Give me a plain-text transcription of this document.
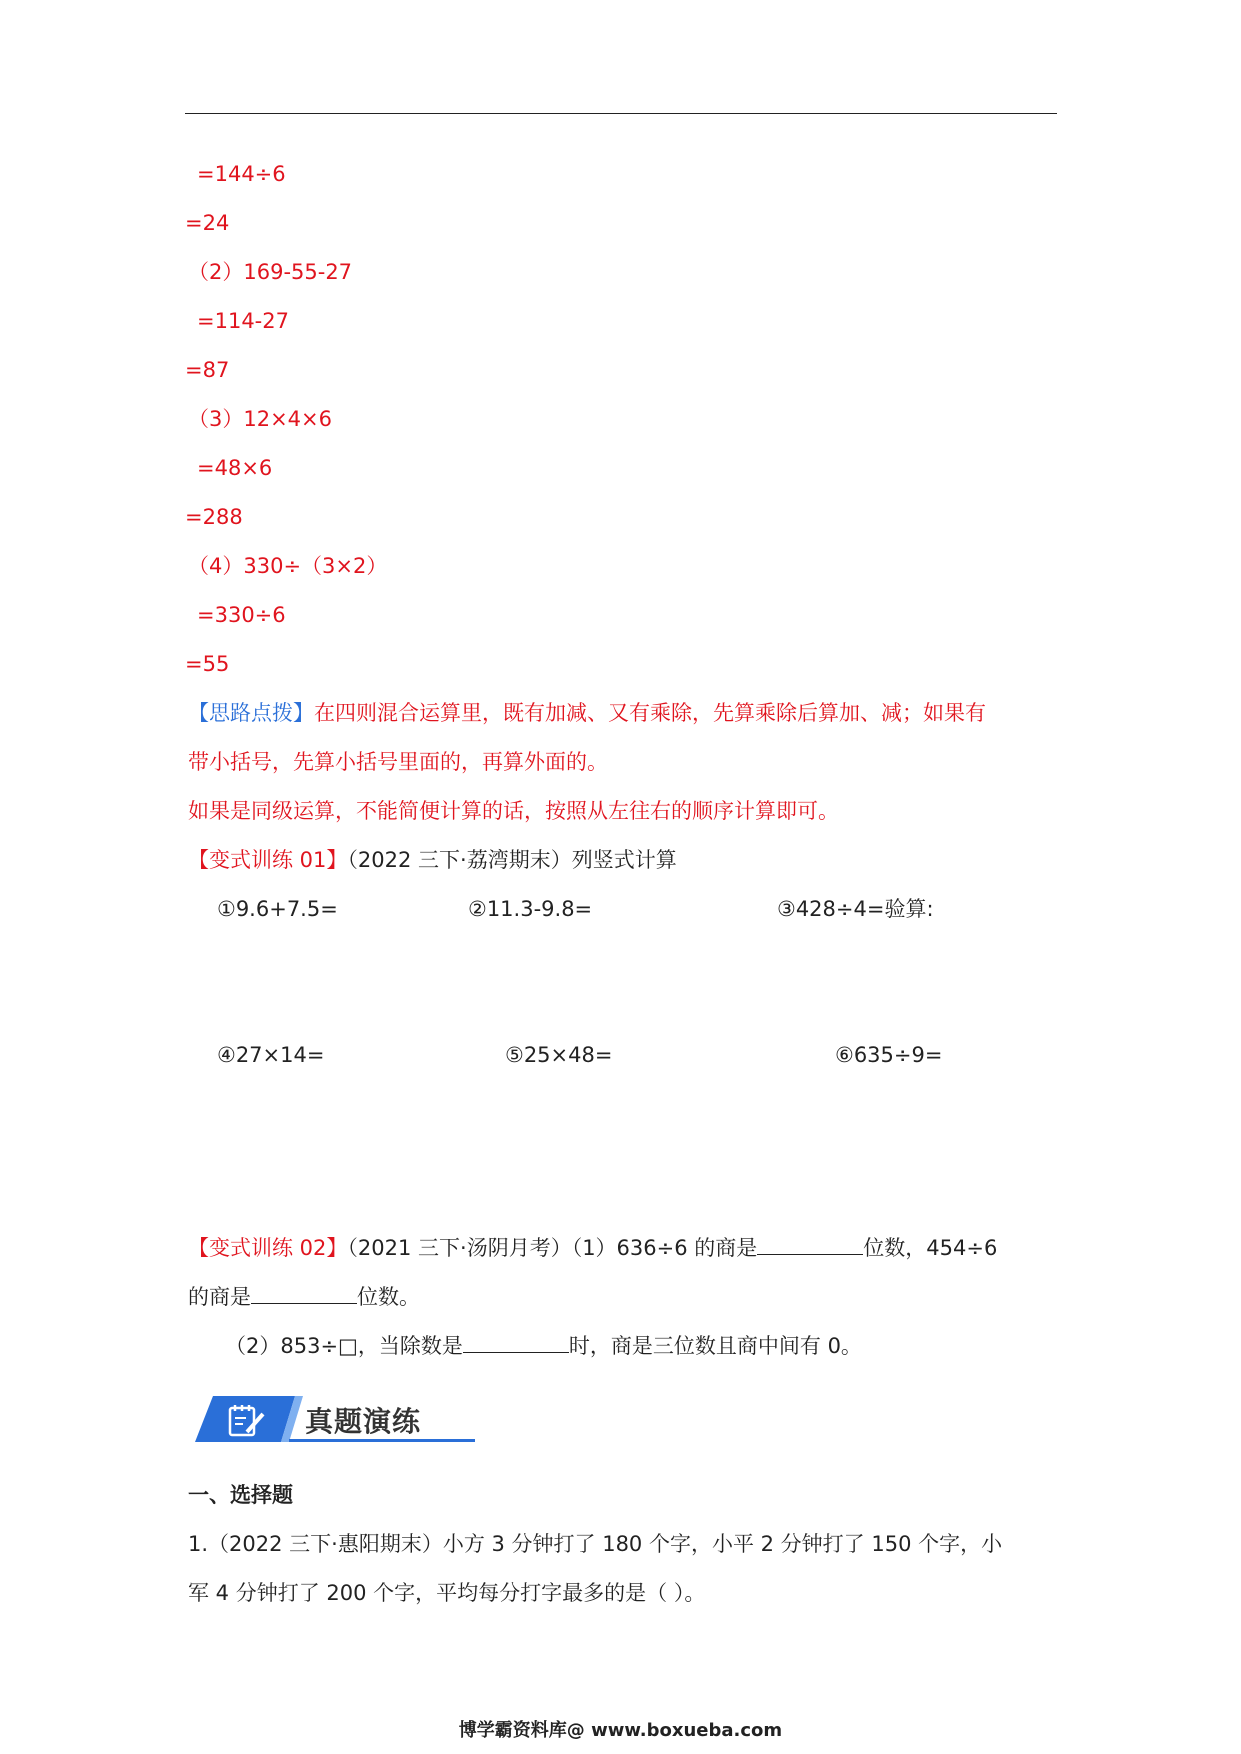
=144÷6
=24
（2）169-55-27
=114-27
=87
（3）12×4×6
=48×6
=288
（4）330÷（3×2）
=330÷6
=55
【思路点拨】在四则混合运算里，既有加减、又有乘除，先算乘除后算加、减；如果有
带小括号，先算小括号里面的，再算外面的。
如果是同级运算，不能简便计算的话，按照从左往右的顺序计算即可。
【变式训练 01】（2022 三下·荔湾期末）列竖式计算
①9.6+7.5=	②11.3-9.8=	③428÷4=验算:
④27×14=	⑤25×48=	⑥635÷9=
【变式训练 02】（2021 三下·汤阴月考）（1）636÷6 的商是	位数，454÷6
的商是	位数。
（2）853÷□，当除数是	时，商是三位数且商中间有 0。
真题演练
一、选择题
1.（2022 三下·惠阳期末）小方 3 分钟打了 180 个字，小平 2 分钟打了 150 个字，小
军 4 分钟打了 200 个字，平均每分打字最多的是（ ）。
博学霸资料库@ www.boxueba.com
